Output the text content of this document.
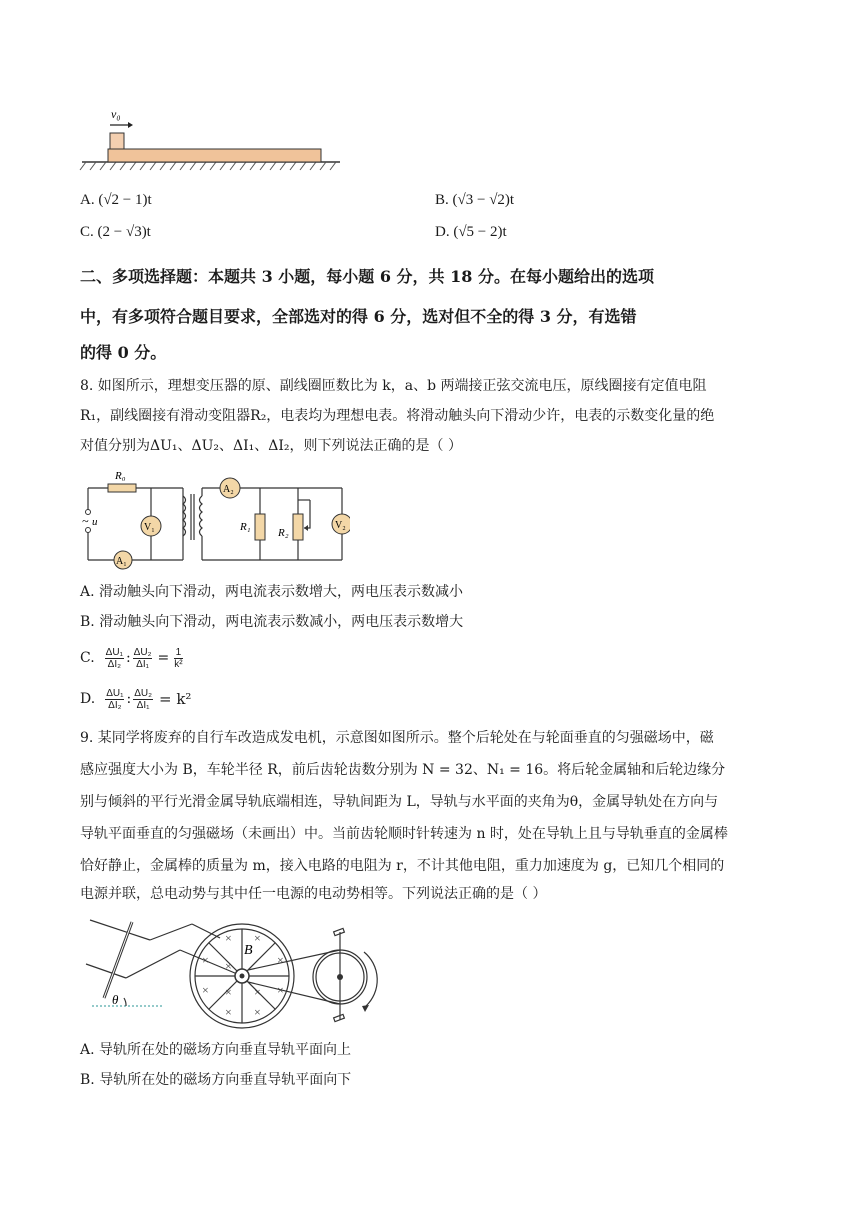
v₀
A. (√2 − 1)t	B. (√3 − √2)t
C. (2 − √3)t	D. (√5 − 2)t
二、多项选择题：本题共 3 小题，每小题 6 分，共 18 分。在每小题给出的选项
中，有多项符合题目要求，全部选对的得 6 分，选对但不全的得 3 分，有选错
的得 0 分。
8. 如图所示，理想变压器的原、副线圈匝数比为 k，a、b 两端接正弦交流电压，原线圈接有定值电阻
R₁，副线圈接有滑动变阻器R₂，电表均为理想电表。将滑动触头向下滑动少许，电表的示数变化量的绝
对值分别为ΔU₁、ΔU₂、ΔI₁、ΔI₂，则下列说法正确的是（ ）
~ u
R₀
V₁
A₁
A₂
R₁ R₂
V₂
A. 滑动触头向下滑动，两电流表示数增大，两电压表示数减小
B. 滑动触头向下滑动，两电流表示数减小，两电压表示数增大
C. $\frac{\text{ΔU₁}}{\text{ΔI₂}}$ : $\frac{\text{ΔU₂}}{\text{ΔI₁}} = \frac{1}{\text{k²}}$
D. $\frac{\text{ΔU₁}}{\text{ΔI₂}}$ : $\frac{\text{ΔU₂}}{\text{ΔI₁}} = k^2$
9. 某同学将废弃的自行车改造成发电机，示意图如图所示。整个后轮处在与轮面垂直的匀强磁场中，磁
感应强度大小为 B，车轮半径 R，前后齿轮齿数分别为 N = 32、N₁ = 16。将后轮金属轴和后轮边缘分
别与倾斜的平行光滑金属导轨底端相连，导轨间距为 L，导轨与水平面的夹角为θ，金属导轨处在方向与
导轨平面垂直的匀强磁场（未画出）中。当前齿轮顺时针转速为 n 时，处在导轨上且与导轨垂直的金属棒
恰好静止，金属棒的质量为 m，接入电路的电阻为 r，不计其他电阻，重力加速度为 g，已知几个相同的
电源并联，总电动势与其中任一电源的电动势相等。下列说法正确的是（ ）
θ
B
× ×
×	×
×
×	×
× ×
× ×
A. 导轨所在处的磁场方向垂直导轨平面向上
B. 导轨所在处的磁场方向垂直导轨平面向下
